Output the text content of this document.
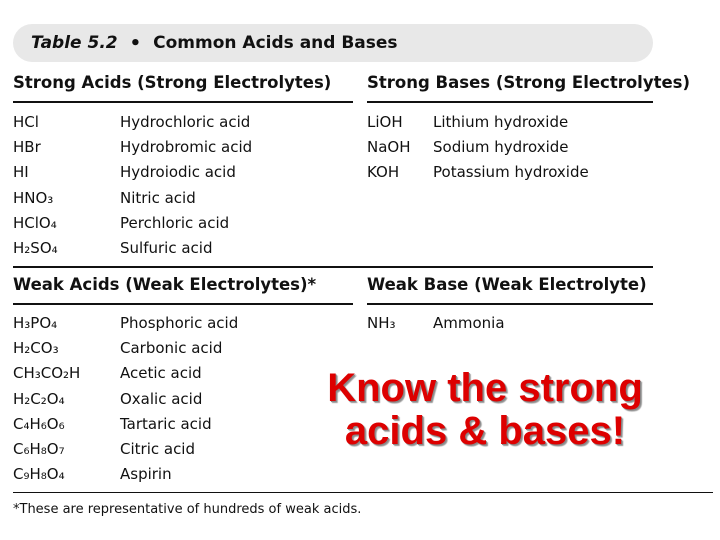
Table 5.2 • Common Acids and Bases
Strong Acids (Strong Electrolytes) Strong Bases (Strong Electrolytes)
HCl	Hydrochloric acid
HBr	Hydrobromic acid
HI	Hydroiodic acid
HNO₃	Nitric acid
HClO₄	Perchloric acid
H₂SO₄	Sulfuric acid
LiOH Lithium hydroxide
NaOH Sodium hydroxide
KOH Potassium hydroxide
Weak Acids (Weak Electrolytes)*	Weak Base (Weak Electrolyte)
H₃PO₄	Phosphoric acid
H₂CO₃	Carbonic acid
CH₃CO₂H	Acetic acid
H₂C₂O₄	Oxalic acid
C₄H₆O₆	Tartaric acid
C₆H₈O₇	Citric acid
C₉H₈O₄	Aspirin
NH₃ Ammonia
*These are representative of hundreds of weak acids.
Know the strong
acids & bases!
